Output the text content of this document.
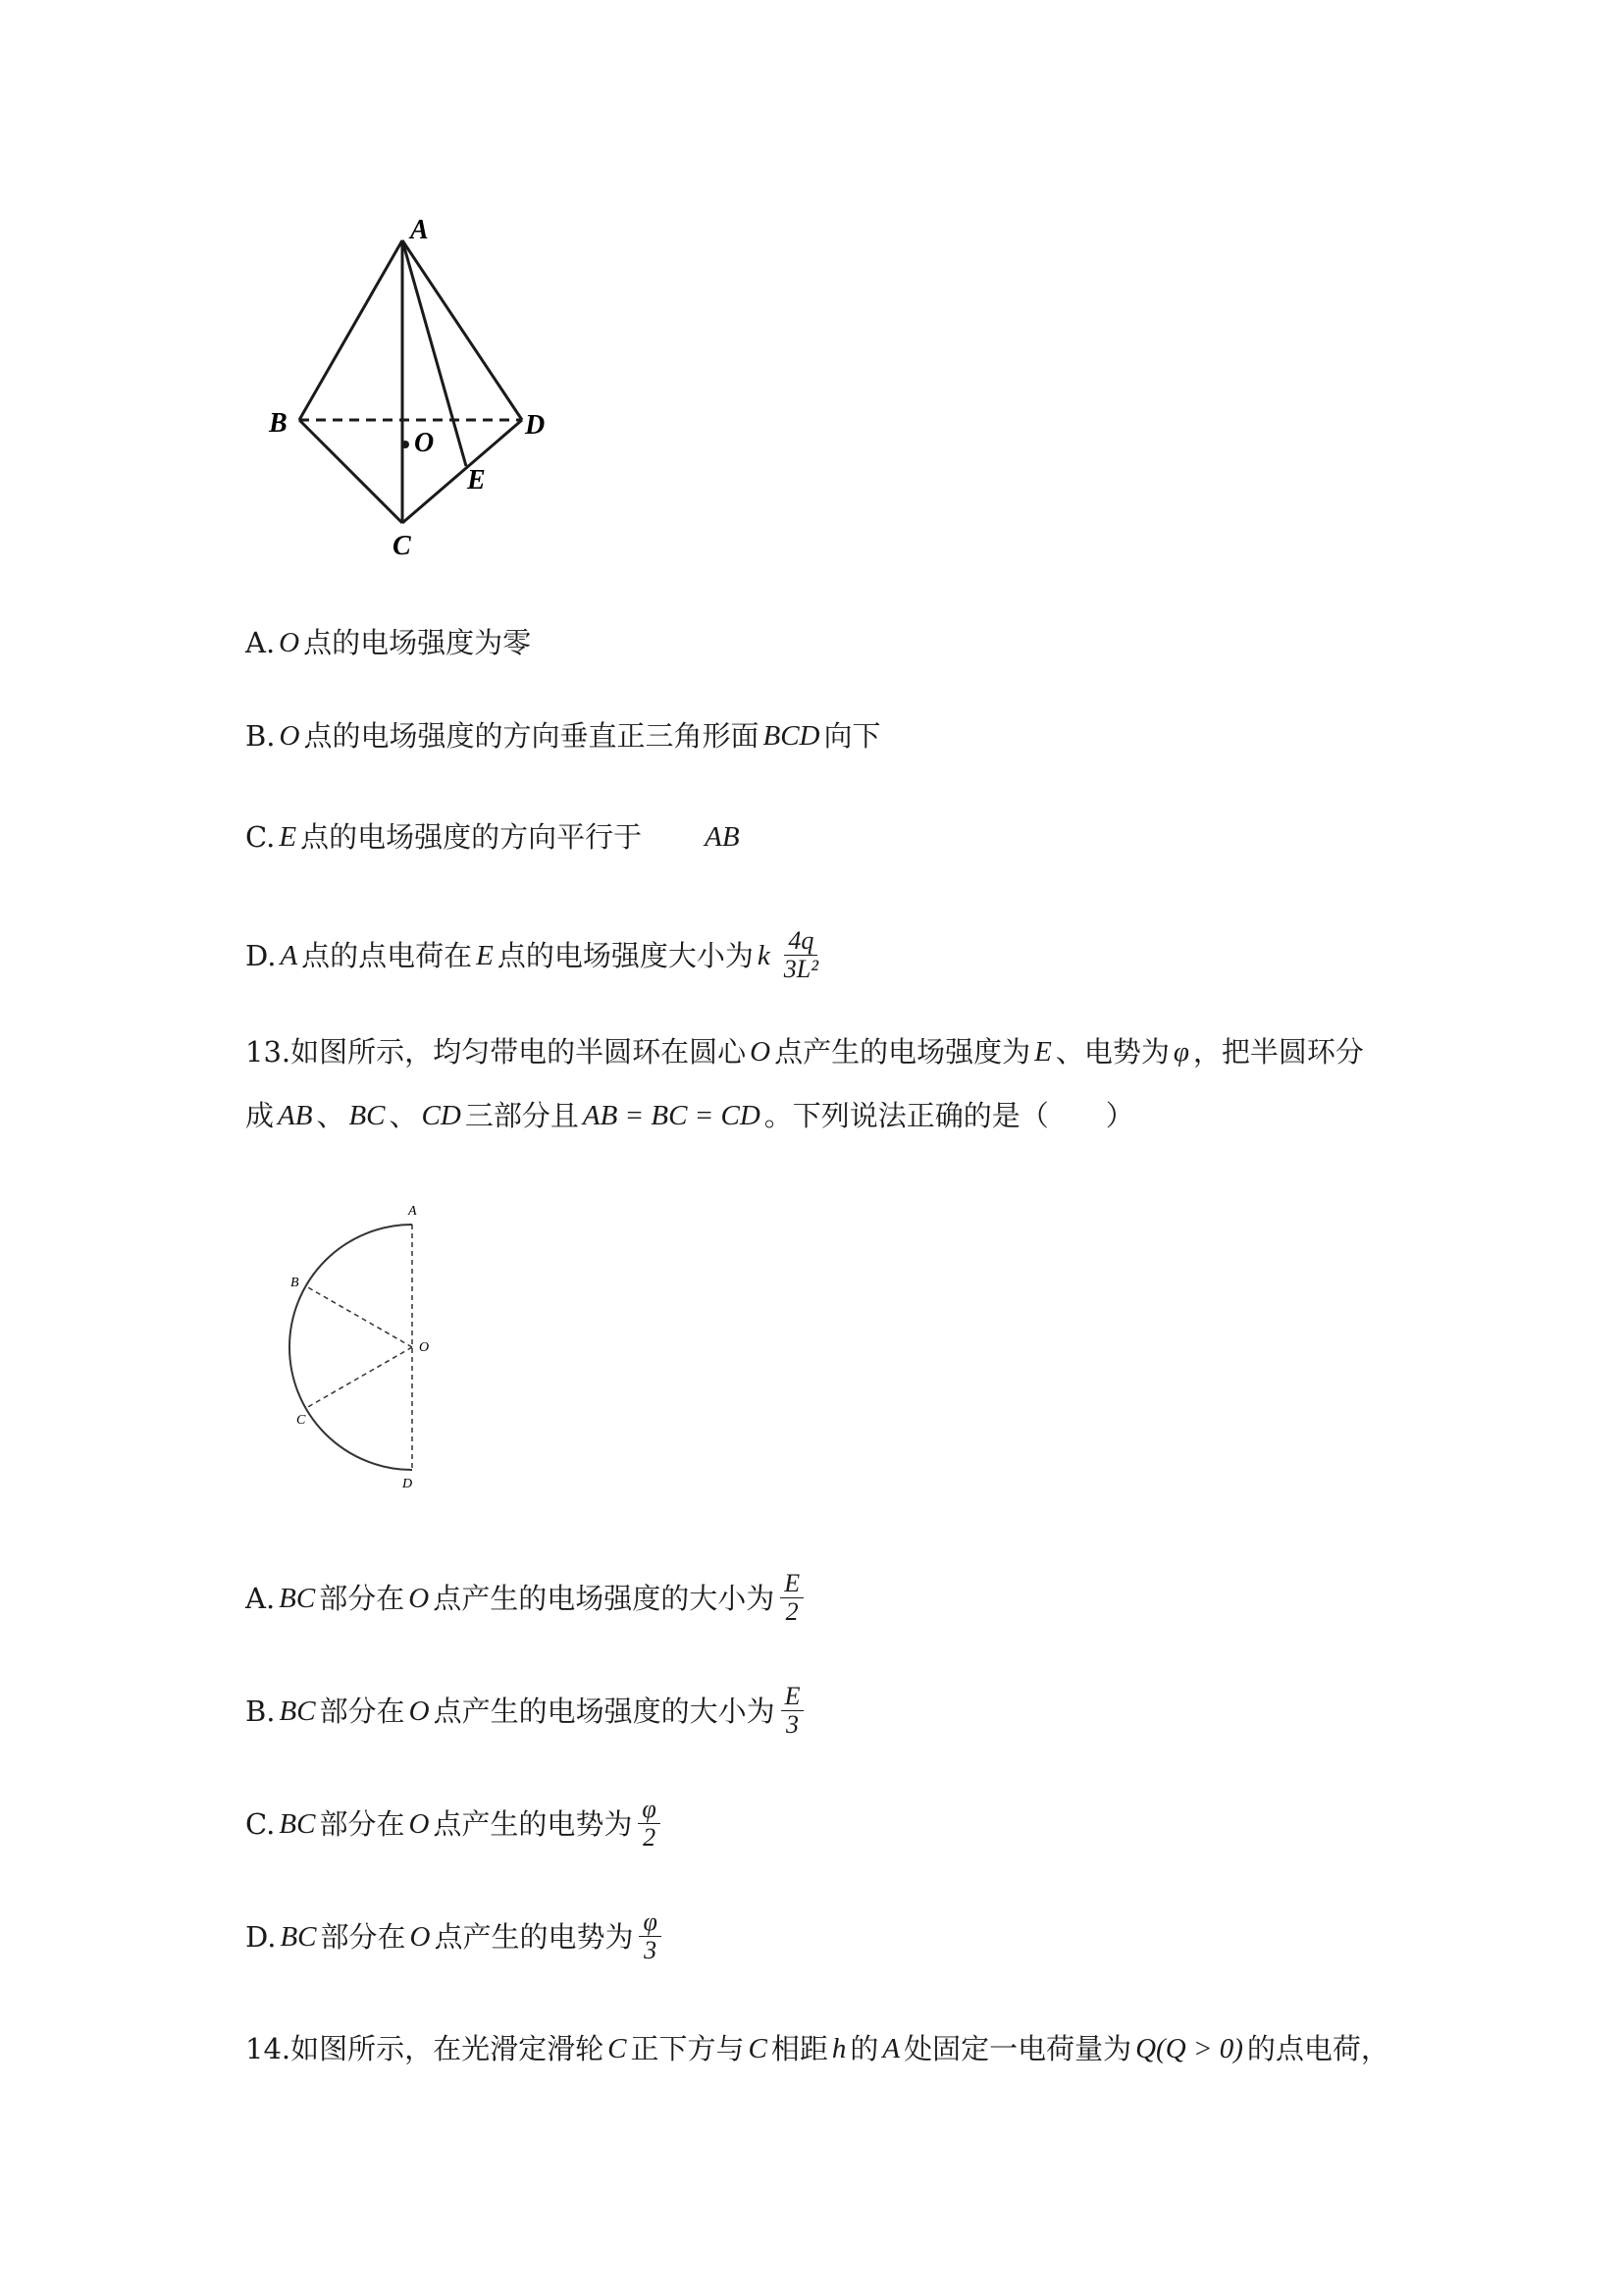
A
B	D
O
E
C
A. O 点的电场强度为零
B. O 点的电场强度的方向垂直正三角形面 BCD 向下
C. E 点的电场强度的方向平行于 AB
D. A 点的点电荷在 E 点的电场强度大小为 k $\frac{4q}{\text{3L²}}$
13.如图所示，均匀带电的半圆环在圆心 O 点产生的电场强度为 E 、电势为 φ ，把半圆环分
成 AB 、 BC 、 CD 三部分且 AB = BC = CD 。下列说法正确的是（　　）
A
B
O
C
D
A. BC 部分在 O 点产生的电场强度的大小为 $\frac{E}{2}$
B. BC 部分在 O 点产生的电场强度的大小为 $\frac{E}{3}$
C. BC 部分在 O 点产生的电势为 $\frac{\varphi}{2}$
D. BC 部分在 O 点产生的电势为 $\frac{\varphi}{3}$
14.如图所示，在光滑定滑轮 C 正下方与 C 相距 h 的 A 处固定一电荷量为 Q(Q > 0) 的点电荷，
